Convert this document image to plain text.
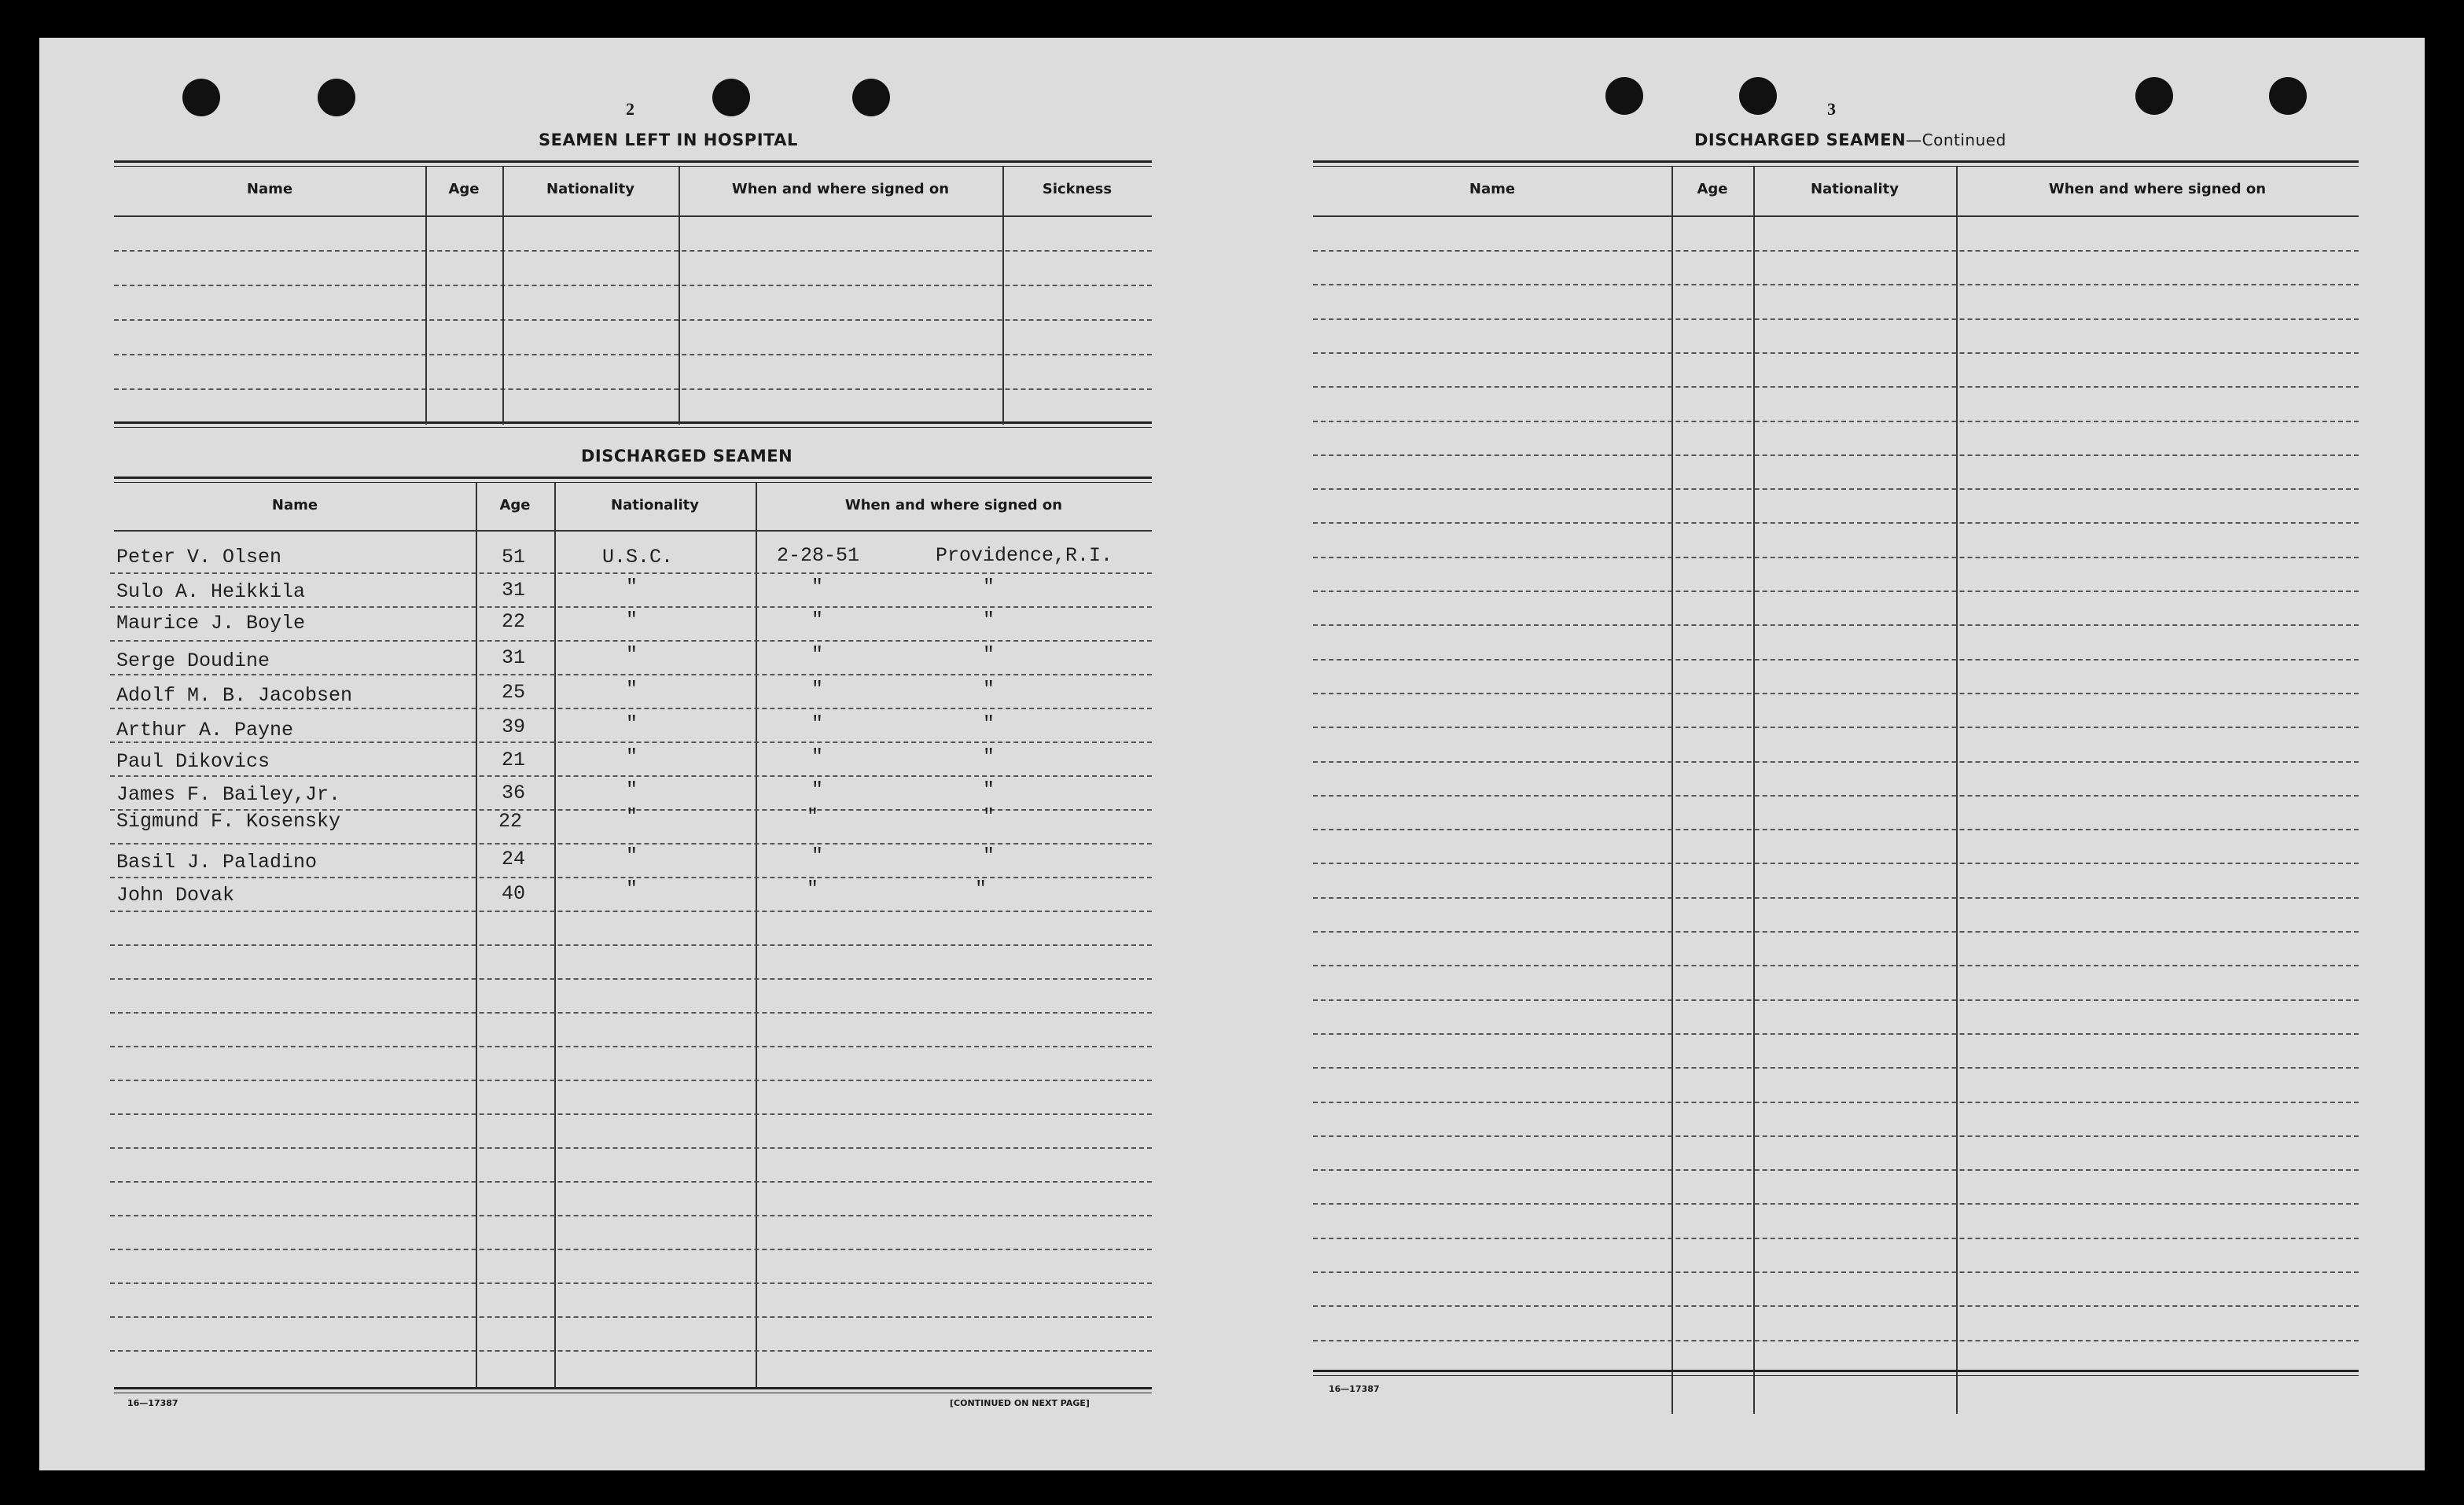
2
SEAMEN LEFT IN HOSPITAL
Name	Age	Nationality	When and where signed on	Sickness
DISCHARGED SEAMEN
Name	Age	Nationality	When and where signed on
Peter V. Olsen	51	U.S.C.	2-28-51	Providence,R.I.
Sulo A. Heikkila	31	"	"	"
Maurice J. Boyle	22	"	"	"
Serge Doudine	31	"	"	"
Adolf M. B. Jacobsen	25	"	"	"
Arthur A. Payne	39	"	"	"
Paul Dikovics	21	"	"	"
James F. Bailey,Jr.	36	"	"	"
Sigmund F. Kosensky	22	"	"	"
Basil J. Paladino	24	"	"	"
John Dovak	40	"	"	"
16—17387	[CONTINUED ON NEXT PAGE]
3
DISCHARGED SEAMEN—Continued
Name	Age	Nationality	When and where signed on
16—17387
